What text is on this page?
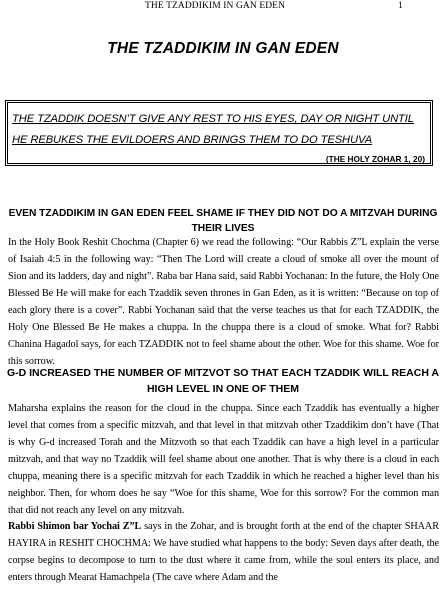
THE TZADDIKIM IN GAN EDEN	1
THE TZADDIKIM IN GAN EDEN
THE TZADDIK DOESN’T GIVE ANY REST TO HIS EYES, DAY OR NIGHT UNTIL HE REBUKES THE EVILDOERS AND BRINGS THEM TO DO TESHUVA
(THE HOLY ZOHAR 1, 20)
EVEN TZADDIKIM IN GAN EDEN FEEL SHAME IF THEY DID NOT DO A MITZVAH DURING THEIR LIVES
In the Holy Book Reshit Chochma (Chapter 6) we read the following: “Our Rabbis Z”L explain the verse of Isaiah 4:5 in the following way: “Then The Lord will create a cloud of smoke all over the mount of Sion and its ladders, day and night”. Raba bar Hana said, said Rabbi Yochanan: In the future, the Holy One Blessed Be He will make for each Tzaddik seven thrones in Gan Eden, as it is written: “Because on top of each glory there is a cover”. Rabbi Yochanan said that the verse teaches us that for each TZADDIK, the Holy One Blessed Be He makes a chuppa. In the chuppa there is a cloud of smoke. What for? Rabbi Chanina Hagadol says, for each TZADDIK not to feel shame about the other. Woe for this shame. Woe for this sorrow.
G-D INCREASED THE NUMBER OF MITZVOT SO THAT EACH TZADDIK WILL REACH A HIGH LEVEL IN ONE OF THEM
Maharsha explains the reason for the cloud in the chuppa. Since each Tzaddik has eventually a higher level that comes from a specific mitzvah, and that level in that mitzvah other Tzaddikim don’t have (That is why G-d increased Torah and the Mitzvoth so that each Tzaddik can have a high level in a particular mitzvah, and that way no Tzaddik will feel shame about one another. That is why there is a cloud in each chuppa, meaning there is a specific mitzvah for each Tzaddik in which he reached a higher level than his neighbor. Then, for whom does he say “Woe for this shame, Woe for this sorrow? For the common man that did not reach any level on any mitzvah.
Rabbi Shimon bar Yochai Z”L says in the Zohar, and is brought forth at the end of the chapter SHAAR HAYIRA in RESHIT CHOCHMA: We have studied what happens to the body: Seven days after death, the corpse begins to decompose to turn to the dust where it came from, while the soul enters its place, and enters through Mearat Hamachpela (The cave where Adam and the
